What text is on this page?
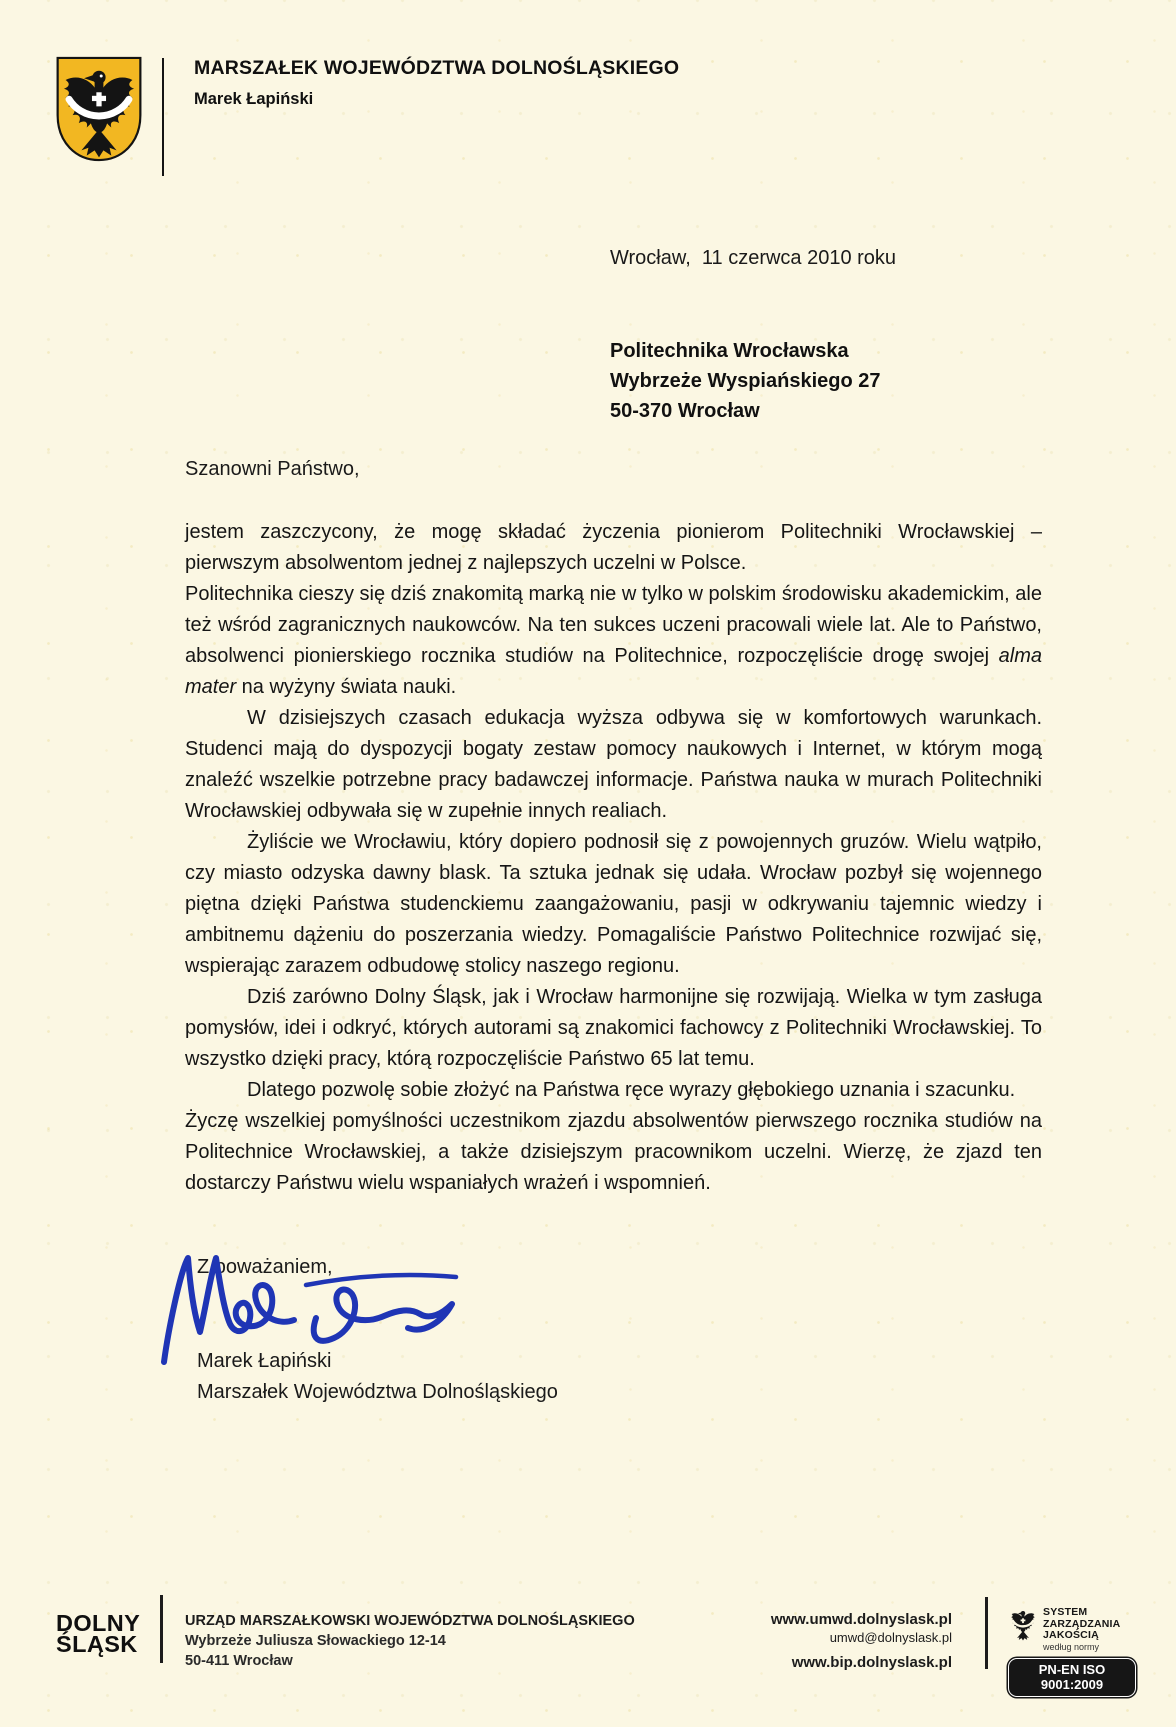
MARSZAŁEK WOJEWÓDZTWA DOLNOŚLĄSKIEGO
Marek Łapiński
Wrocław,  11 czerwca 2010 roku
Politechnika Wrocławska
Wybrzeże Wyspiańskiego 27
50-370 Wrocław
Szanowni Państwo,

jestem zaszczycony, że mogę składać życzenia pionierom Politechniki Wrocławskiej – pierwszym absolwentom jednej z najlepszych uczelni w Polsce.

Politechnika cieszy się dziś znakomitą marką nie w tylko w polskim środowisku akademickim, ale też wśród zagranicznych naukowców. Na ten sukces uczeni pracowali wiele lat. Ale to Państwo, absolwenci pionierskiego rocznika studiów na Politechnice, rozpoczęliście drogę swojej alma mater na wyżyny świata nauki.

W dzisiejszych czasach edukacja wyższa odbywa się w komfortowych warunkach. Studenci mają do dyspozycji bogaty zestaw pomocy naukowych i Internet, w którym mogą znaleźć wszelkie potrzebne pracy badawczej informacje. Państwa nauka w murach Politechniki Wrocławskiej odbywała się w zupełnie innych realiach.

Żyliście we Wrocławiu, który dopiero podnosił się z powojennych gruzów. Wielu wątpiło, czy miasto odzyska dawny blask. Ta sztuka jednak się udała. Wrocław pozbył się wojennego piętna dzięki Państwa studenckiemu zaangażowaniu, pasji w odkrywaniu tajemnic wiedzy i ambitnemu dążeniu do poszerzania wiedzy. Pomagaliście Państwo Politechnice rozwijać się, wspierając zarazem odbudowę stolicy naszego regionu.

Dziś zarówno Dolny Śląsk, jak i Wrocław harmonijne się rozwijają. Wielka w tym zasługa pomysłów, idei i odkryć, których autorami są znakomici fachowcy z Politechniki Wrocławskiej. To wszystko dzięki pracy, którą rozpoczęliście Państwo 65 lat temu.

Dlatego pozwolę sobie złożyć na Państwa ręce wyrazy głębokiego uznania i szacunku.

Życzę wszelkiej pomyślności uczestnikom zjazdu absolwentów pierwszego rocznika studiów na Politechnice Wrocławskiej, a także dzisiejszym pracownikom uczelni. Wierzę, że zjazd ten dostarczy Państwu wielu wspaniałych wrażeń i wspomnień.

Z poważaniem,
Marek Łapiński
Marszałek Województwa Dolnośląskiego
DOLNY
ŚLĄSK
URZĄD MARSZAŁKOWSKI WOJEWÓDZTWA DOLNOŚLĄSKIEGO
Wybrzeże Juliusza Słowackiego 12-14
50-411 Wrocław
www.umwd.dolnyslask.pl
umwd@dolnyslask.pl
www.bip.dolnyslask.pl
SYSTEM
ZARZĄDZANIA
JAKOŚCIĄ
według normy
PN-EN ISO 9001:2009
